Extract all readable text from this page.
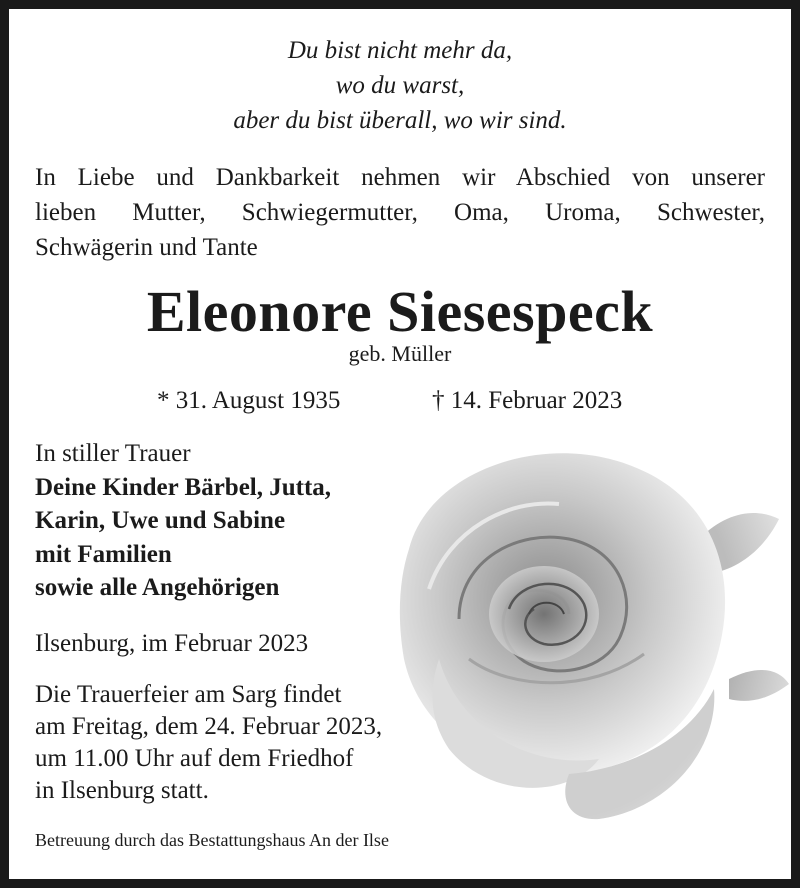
Du bist nicht mehr da,
wo du warst,
aber du bist überall, wo wir sind.
In Liebe und Dankbarkeit nehmen wir Abschied von unserer
lieben Mutter, Schwiegermutter, Oma, Uroma, Schwester,
Schwägerin und Tante
Eleonore Siesespeck
geb. Müller
* 31. August 1935	† 14. Februar 2023
In stiller Trauer
Deine Kinder Bärbel, Jutta,
Karin, Uwe und Sabine
mit Familien
sowie alle Angehörigen
Ilsenburg, im Februar 2023
Die Trauerfeier am Sarg findet
am Freitag, dem 24. Februar 2023,
um 11.00 Uhr auf dem Friedhof
in Ilsenburg statt.
Betreuung durch das Bestattungshaus An der Ilse
